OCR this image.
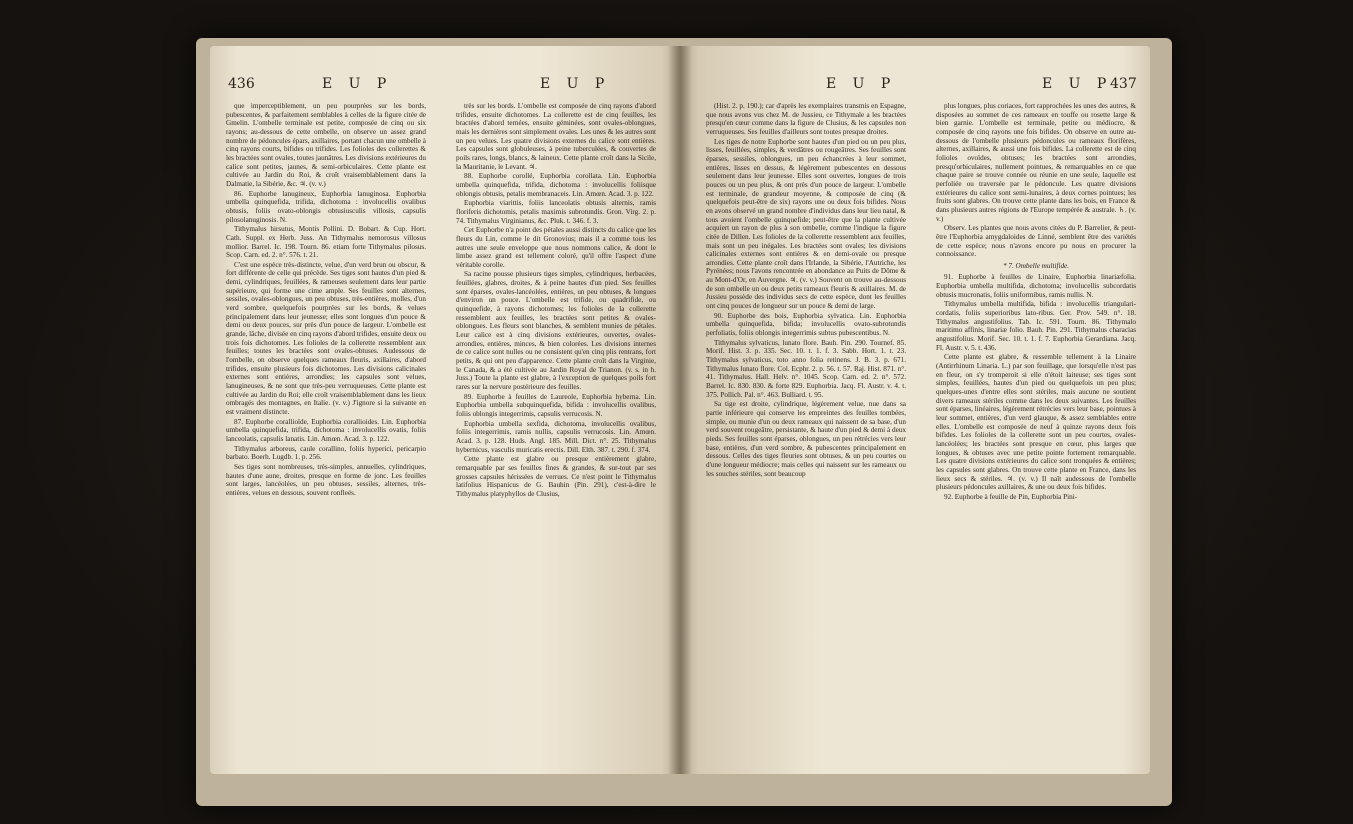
436	E U P	E U P

que imperceptiblement, un peu pourprées sur les bords, pubescentes, & parfaitement semblables à celles de la figure citée de Gmelin. L'ombelle terminale est petite, composée de cinq ou six rayons; au-dessous de cette ombelle, on observe un assez grand nombre de pédoncules épars, axillaires, portant chacun une ombelle à cinq rayons courts, bifides ou trifides. Les folioles des collerettes & les bractées sont ovales, toutes jaunâtres. Les divisions extérieures du calice sont petites, jaunes, & semi-orbiculaires. Cette plante est cultivée au Jardin du Roi, & croît vraisemblablement dans la Dalmatie, la Sibérie, &c. ♃. (v. v.)

86. Euphorbe lanugineux, Euphorbia lanuginosa. Euphorbia umbella quinquefida, trifida, dichotoma : involucellis ovalibus obtusis, foliis ovato-oblongis obtusiusculis villosis, capsulis pilosolanuginosis. N.

Tithymalus hirsutus, Montis Pollini. D. Bobart. & Cup. Hort. Cath. Suppl. ex Herb. Juss. An Tithymalus nemorosus villosus mollior. Barrel. Ic. 198. Tourn. 86. etiam forte Tithymalus pilosus. Scop. Carn. ed. 2. n°. 576. t. 21.

C'est une espèce très-distincte, velue, d'un verd brun ou obscur, & fort différente de celle qui précède. Ses tiges sont hautes d'un pied & demi, cylindriques, feuillées, & rameuses seulement dans leur partie supérieure, qui forme une cime ample. Ses feuilles sont alternes, sessiles, ovales-oblongues, un peu obtuses, très-entières, molles, d'un verd sombre, quelquefois pourprées sur les bords, & velues principalement dans leur jeunesse; elles sont longues d'un pouce & demi ou deux pouces, sur près d'un pouce de largeur. L'ombelle est grande, lâche, divisée en cinq rayons d'abord trifides, ensuite deux ou trois fois dichotomes. Les folioles de la collerette ressemblent aux feuilles; toutes les bractées sont ovales-obtuses. Audessous de l'ombelle, on observe quelques rameaux fleuris, axillaires, d'abord trifides, ensuite plusieurs fois dichotomes. Les divisions calicinales externes sont entières, arrondies; les capsules sont velues, lanugineuses, & ne sont que très-peu verruqueuses. Cette plante est cultivée au Jardin du Roi; elle croît vraisemblablement dans les lieux ombragés des montagnes, en Italie. (v. v.) J'ignore si la suivante en est vraiment distincte.

87. Euphorbe corallioïde, Euphorbia corallioides. Lin. Euphorbia umbella quinquefida, trifida, dichotoma : involucellis ovatis, foliis lanceolatis, capsulis lanatis. Lin. Amœn. Acad. 3. p. 122.

Tithymalus arboreus, caule corallino, foliis hyperici, pericarpio barbato. Boerh. Lugdb. 1. p. 256.

Ses tiges sont nombreuses, très-simples, annuelles, cylindriques, hautes d'une aune, droites, presque en forme de jonc. Les feuilles sont larges, lancéolées, un peu obtuses, sessiles, alternes, très-entières, velues en dessous, souvent ronfleés.

très sur les bords. L'ombelle est composée de cinq rayons d'abord trifides, ensuite dichotomes. La collerette est de cinq feuilles, les bractées d'abord ternées, ensuite géminées, sont ovales-oblongues, mais les dernières sont simplement ovales. Les unes & les autres sont un peu velues. Les quatre divisions externes du calice sont entières. Les capsules sont globuleuses, à peine tuberculées, & couvertes de poils rares, longs, blancs, & laineux. Cette plante croît dans la Sicile, la Mauritanie, le Levant. ♃.

88. Euphorbe corollé, Euphorbia corollata. Lin. Euphorbia umbella quinquefida, trifida, dichotoma : involucellis foliisque oblongis obtusis, petalis membranaceis. Lin. Amœn. Acad. 3. p. 122.

Euphorbia viarittis, foliis lanceolatis obtusis alternis, ramis floriferis dichotomis, petalis maximis subrotundis. Gron. Virg. 2. p. 74. Tithymalus Virginianus, &c. Pluk. t. 346. f. 3.

Cet Euphorbe n'a point des pétales aussi distincts du calice que les fleurs du Lin, comme le dit Gronovius; mais il a comme tous les autres une seule enveloppe que nous nommons calice, & dont le limbe assez grand est tellement coloré, qu'il offre l'aspect d'une véritable corolle.

Sa racine pousse plusieurs tiges simples, cylindriques, herbacées, feuillées, glabres, droites, & à peine hautes d'un pied. Ses feuilles sont éparses, ovales-lancéolées, entières, un peu obtuses, & longues d'environ un pouce. L'ombelle est trifide, ou quadrifide, ou quinquefide, à rayons dichotomes; les folioles de la collerette ressemblent aux feuilles, les bractées sont petites & ovales-oblongues. Les fleurs sont blanches, & semblent munies de pétales. Leur calice est à cinq divisions extérieures, ouvertes, ovales-arrondies, entières, minces, & bien colorées. Les divisions internes de ce calice sont nulles ou ne consistent qu'en cinq plis rentrans, fort petits, & qui ont peu d'apparence. Cette plante croît dans la Virginie, le Canada, & a été cultivée au Jardin Royal de Trianon. (v. s. in h. Juss.) Toute la plante est glabre, à l'exception de quelques poils fort rares sur la nervure postérieure des feuilles.

89. Euphorbe à feuilles de Laureole, Euphorbia hyberna. Lin. Euphorbia umbella subquinquefida, bifida : involucellis ovalibus, foliis oblongis integerrimis, capsulis verrucosis. N.

Euphorbia umbella sexfida, dichotoma, involucellis ovalibus, foliis integerrimis, ramis nullis, capsulis verrucosis. Lin. Amœn. Acad. 3. p. 128. Huds. Angl. 185. Mill. Dict. n°. 25. Tithymalus hybernicus, vasculis muricatis erectis. Dill. Elth. 387. t. 290. f. 374.

Cette plante est glabre ou presque entièrement glabre, remarquable par ses feuilles fines & grandes, & sur-tout par ses grosses capsules hérissées de verrues. Ce n'est point le Tithymalus latifolius Hispanicus de G. Bauhin (Pin. 291), c'est-à-dire le Tithymalus platyphyllos de Clusius,

E U P	E U P
437

(Hist. 2. p. 190.); car d'après les exemplaires transmis en Espagne, que nous avons vus chez M. de Jussieu, ce Tithymale a les bractées presqu'en cœur comme dans la figure de Clusius, & les capsules non verruqueuses. Ses feuilles d'ailleurs sont toutes presque droites.

Les tiges de notre Euphorbe sont hautes d'un pied ou un peu plus, lisses, feuillées, simples, & verdâtres ou rougeâtres. Ses feuilles sont éparses, sessiles, oblongues, un peu échancrées à leur sommet, entières, lisses en dessus, & légèrement pubescentes en dessous seulement dans leur jeunesse. Elles sont ouvertes, longues de trois pouces ou un peu plus, & ont près d'un pouce de largeur. L'ombelle est terminale, de grandeur moyenne, & composée de cinq (& quelquefois peut-être de six) rayons une ou deux fois bifides. Nous en avons observé un grand nombre d'individus dans leur lieu natal, & tous avoient l'ombelle quinquefide; peut-être que la plante cultivée acquiert un rayon de plus à son ombelle, comme l'indique la figure citée de Dillen. Les folioles de la collerette ressemblent aux feuilles, mais sont un peu inégales. Les bractées sont ovales; les divisions calicinales externes sont entières & en demi-ovale ou presque arrondies. Cette plante croît dans l'Irlande, la Sibérie, l'Autriche, les Pyrénées; nous l'avons rencontrée en abondance au Puits de Dôme & au Mont-d'Or, en Auvergne. ♃. (v. v.) Souvent on trouve au-dessous de son ombelle un ou deux petits rameaux fleuris & axillaires. M. de Jussieu possède des individus secs de cette espèce, dont les feuilles ont cinq pouces de longueur sur un pouce & demi de large.

90. Euphorbe des bois, Euphorbia sylvatica. Lin. Euphorbia umbella quinquefida, bifida; involucellis ovato-subrotundis perfoliatis, foliis oblongis integerrimis subtus pubescentibus. N.

Tithymalus sylvaticus, lunato flore. Bauh. Pin. 290. Tournef. 85. Morif. Hist. 3. p. 335. Sec. 10. t. 1. f. 3. Sabb. Hort. 1. t. 23. Tithymalus sylvaticus, toto anno folia retinens. J. B. 3. p. 671. Tithymalus lunato flore. Col. Ecphr. 2. p. 56. t. 57. Raj. Hist. 871. n°. 41. Tithymalus. Hall. Helv. n°. 1045. Scop. Carn. ed. 2. n°. 572. Barrel. Ic. 830. 830. & forte 829. Euphorbia. Jacq. Fl. Austr. v. 4. t. 375. Pollich. Pal. n°. 463. Bulliard. t. 95.

Sa tige est droite, cylindrique, légèrement velue, nue dans sa partie inférieure qui conserve les empreintes des feuilles tombées, simple, ou munie d'un ou deux rameaux qui naissent de sa base, d'un verd souvent rougeâtre, persistante, & haute d'un pied & demi à deux pieds. Ses feuilles sont éparses, oblongues, un peu rétrécies vers leur base, entières, d'un verd sombre, & pubescentes principalement en dessous. Celles des tiges fleuries sont obtuses, & un peu courtes ou d'une longueur médiocre; mais celles qui naissent sur les rameaux ou les souches stériles, sont beaucoup

plus longues, plus coriaces, fort rapprochées les unes des autres, & disposées au sommet de ces rameaux en touffe ou rosette large & bien garnie. L'ombelle est terminale, petite ou médiocre, & composée de cinq rayons une fois bifides. On observe en outre au-dessous de l'ombelle plusieurs pédoncules ou rameaux florifères, alternes, axillaires, & aussi une fois bifides. La collerette est de cinq folioles ovoïdes, obtuses; les bractées sont arrondies, presqu'orbiculaires, nullement pointues, & remarquables en ce que chaque paire se trouve connée ou réunie en une seule, laquelle est perfoliée ou traversée par le pédoncule. Les quatre divisions extérieures du calice sont semi-lunaires, à deux cornes pointues; les fruits sont glabres. On trouve cette plante dans les bois, en France & dans plusieurs autres régions de l'Europe tempérée & australe. ♄. (v. v.)

Observ. Les plantes que nous avons citées du P. Barrelier, & peut-être l'Euphorbia amygdaloides de Linné, semblent être des variétés de cette espèce; nous n'avons encore pu nous en procurer la connoissance.

* 7. Ombelle multifide.

91. Euphorbe à feuilles de Linaire, Euphorbia linariæfolia. Euphorbia umbella multifida, dichotoma; involucellis subcordatis obtusis mucronatis, foliis uniformibus, ramis nullis. N.

Tithymalus umbella multifida, bifida : involucellis triangulari-cordatis, foliis superioribus lato-ribus. Ger. Prov. 549. n°. 18. Tithymalus angustifolius. Tab. Ic. 591. Tourn. 86. Tithymalo maritimo affinis, linariæ folio. Bauh. Pin. 291. Tithymalus characias angustifolius. Morif. Sec. 10. t. 1. f. 7. Euphorbia Gerardiana. Jacq. Fl. Austr. v. 5. t. 436.

Cette plante est glabre, & ressemble tellement à la Linaire (Antirrhinum Linaria. L.) par son feuillage, que lorsqu'elle n'est pas en fleur, on s'y tromperoit si elle n'étoit laiteuse; ses tiges sont simples, feuillées, hautes d'un pied ou quelquefois un peu plus; quelques-unes d'entre elles sont stériles, mais aucune ne soutient divers rameaux stériles comme dans les deux suivantes. Les feuilles sont éparses, linéaires, légèrement rétrécies vers leur base, pointues à leur sommet, entières, d'un verd glauque, & assez semblables entre elles. L'ombelle est composée de neuf à quinze rayons deux fois bifides. Les folioles de la collerette sont un peu courtes, ovales-lancéolées; les bractées sont presque en cœur, plus larges que longues, & obtuses avec une petite pointe fortement remarquable. Les quatre divisions extérieures du calice sont tronquées & entières; les capsules sont glabres. On trouve cette plante en France, dans les lieux secs & stériles. ♃. (v. v.) Il naît audessous de l'ombelle plusieurs pédoncules axillaires, & une ou deux fois bifides.

92. Euphorbe à feuille de Pin, Euphorbia Pini-
